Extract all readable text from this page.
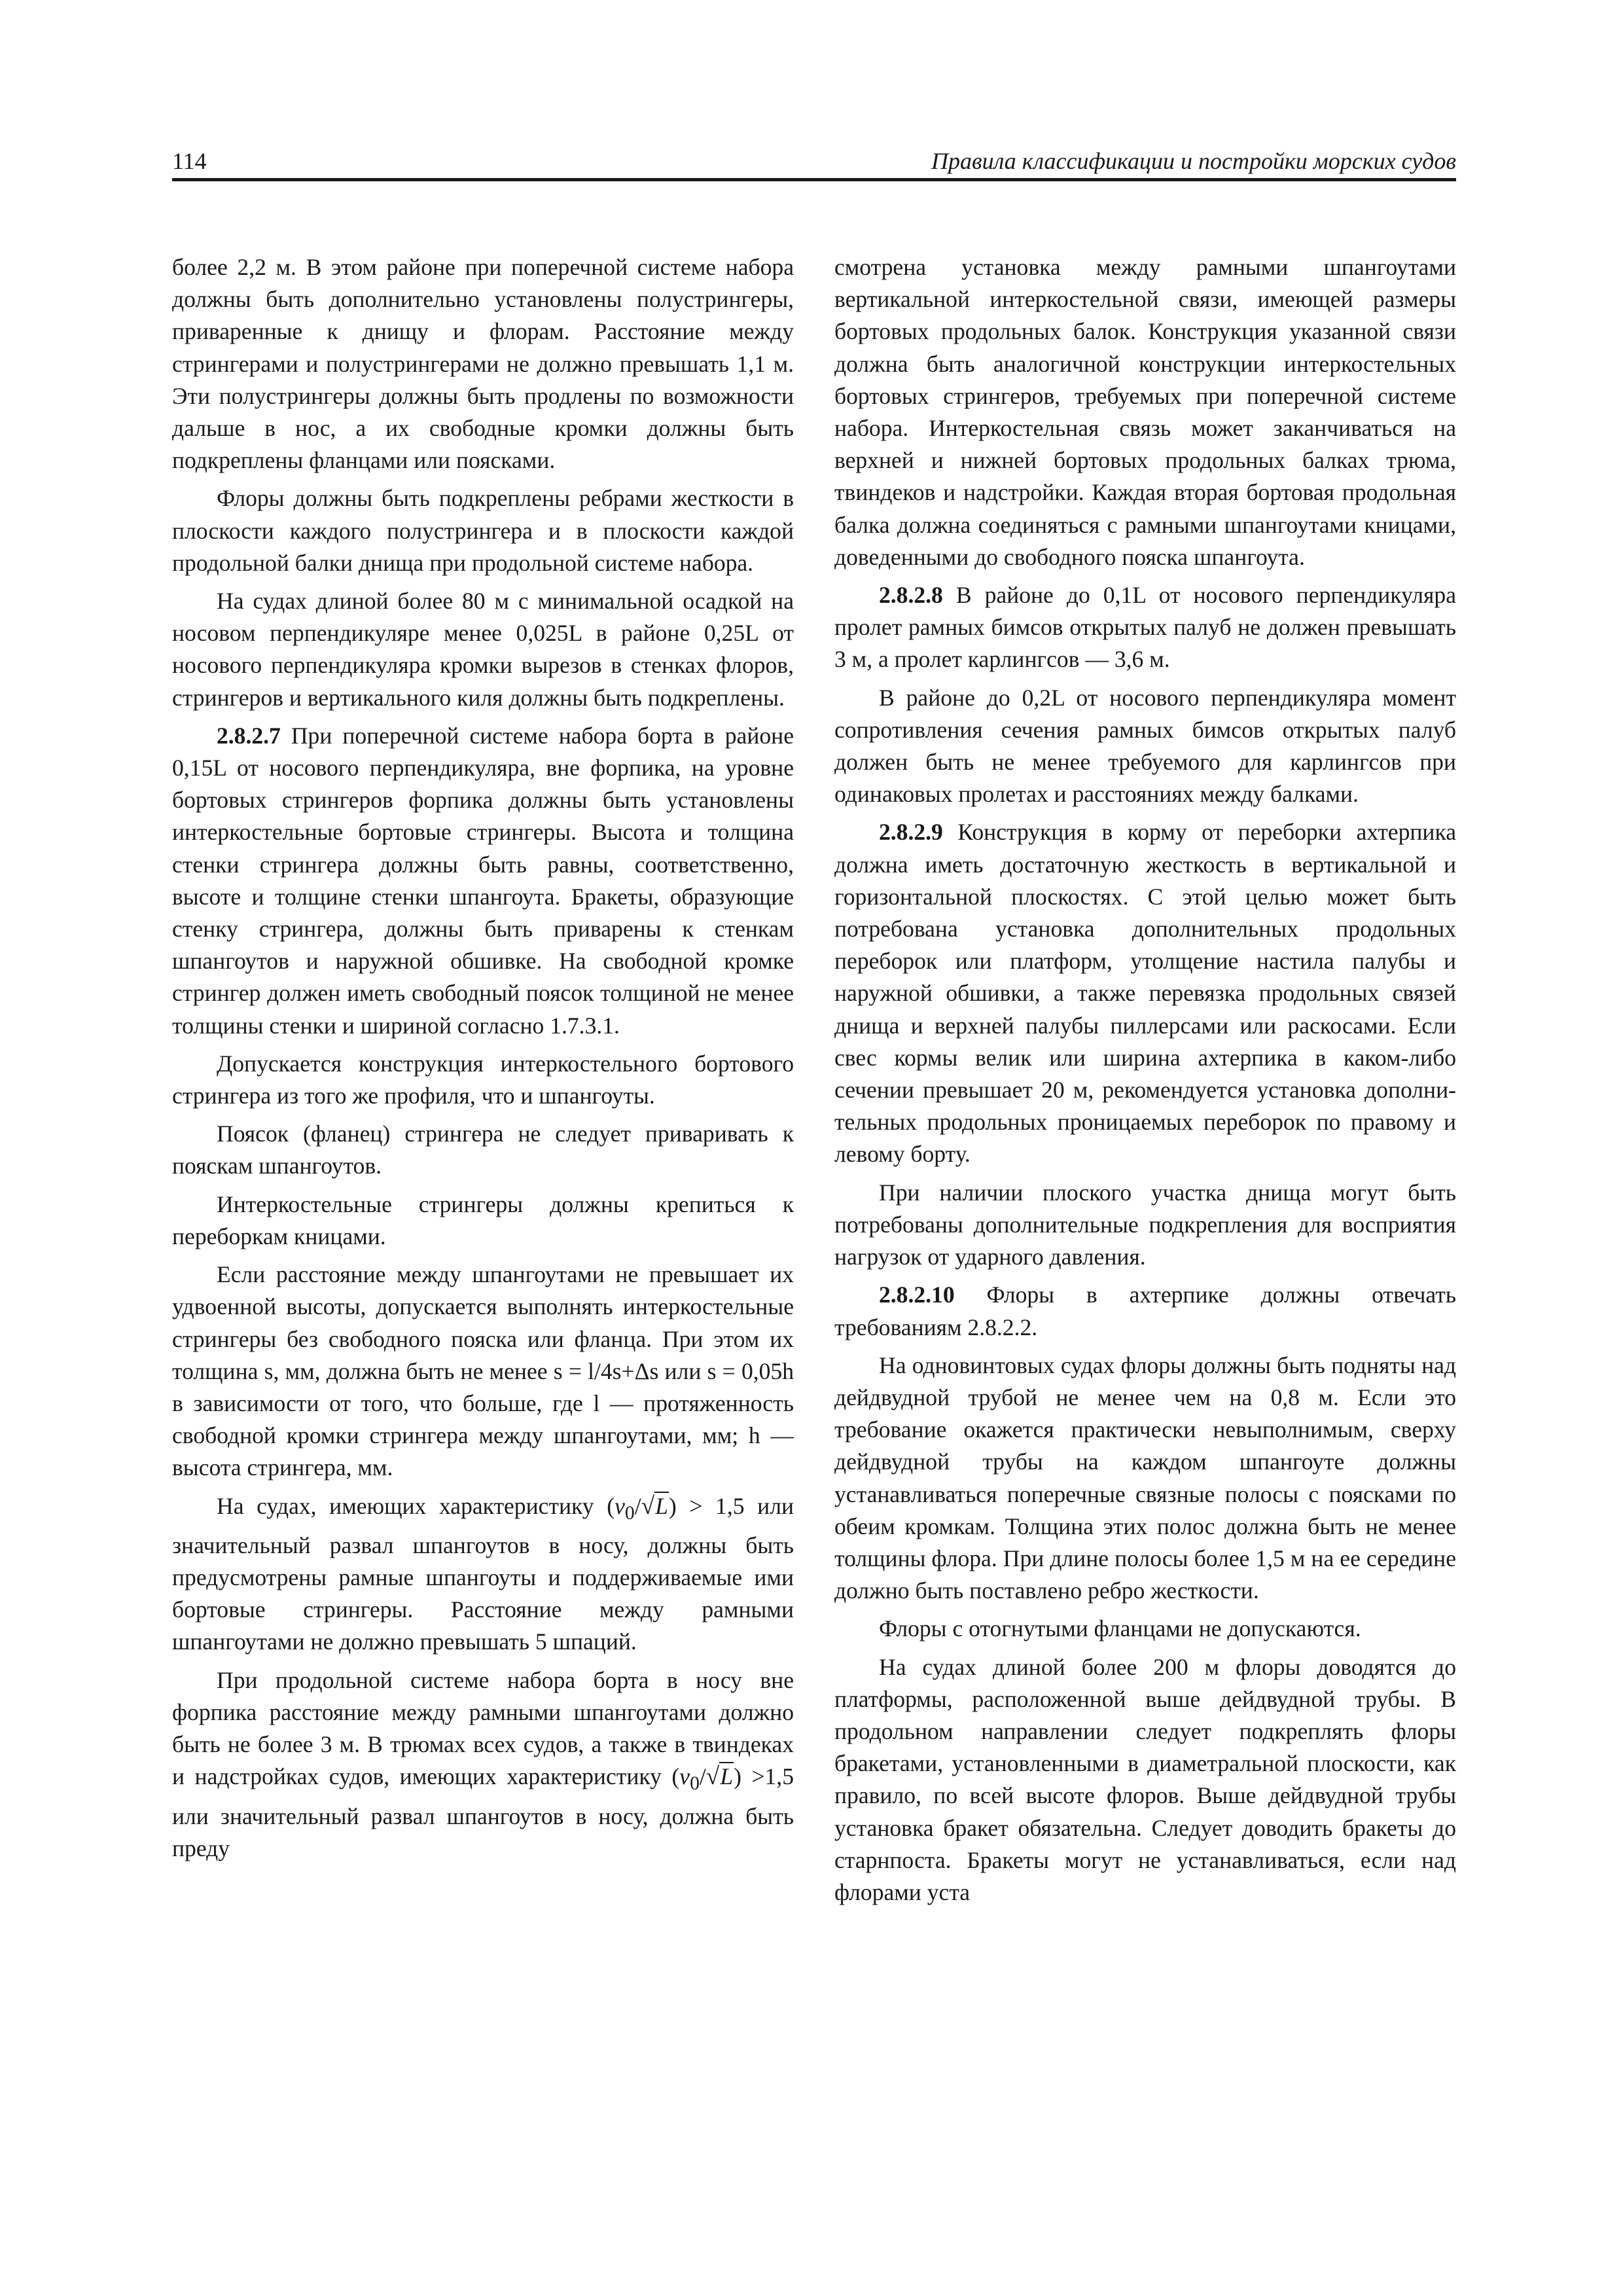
114	Правила классификации и постройки морских судов

более 2,2 м. В этом районе при поперечной системе набора должны быть дополнительно установлены полустрингеры, приваренные к днищу и флорам. Расстояние между стрингерами и полустрингерами не должно превышать 1,1 м. Эти полустрингеры должны быть продлены по возможности дальше в нос, а их свободные кромки должны быть подкреплены фланцами или поясками.

Флоры должны быть подкреплены ребрами жесткости в плоскости каждого полустрингера и в плоскости каждой продольной балки днища при продольной системе набора.

На судах длиной более 80 м с минимальной осадкой на носовом перпендикуляре менее 0,025L в районе 0,25L от носового перпендикуляра кромки вырезов в стенках флоров, стрингеров и вертикального киля должны быть подкреплены.

2.8.2.7 При поперечной системе набора борта в районе 0,15L от носового перпендикуляра, вне форпика, на уровне бортовых стрингеров форпика должны быть установлены интеркостельные бортовые стрингеры. Высота и толщина стенки стрингера должны быть равны, соответственно, высоте и толщине стенки шпангоута. Бракеты, образующие стенку стрингера, должны быть приварены к стенкам шпангоутов и наружной обшивке. На свободной кромке стрингер должен иметь свободный поясок толщиной не менее толщины стенки и шириной согласно 1.7.3.1.

Допускается конструкция интеркостельного бортового стрингера из того же профиля, что и шпангоуты.

Поясок (фланец) стрингера не следует приваривать к пояскам шпангоутов.

Интеркостельные стрингеры должны крепиться к переборкам кницами.

Если расстояние между шпангоутами не превышает их удвоенной высоты, допускается выполнять интеркостельные стрингеры без свободного пояска или фланца. При этом их толщина s, мм, должна быть не менее s = l/4s+Δs или s = 0,05h в зависимости от того, что больше, где l — протяженность свободной кромки стрингера между шпангоутами, мм; h — высота стрингера, мм.

На судах, имеющих характеристику $(v_0/√L) > 1,5$ или значительный развал шпангоутов в носу, должны быть предусмотрены рамные шпангоуты и поддерживаемые ими бортовые стрингеры. Расстояние между рамными шпангоутами не должно превышать 5 шпаций.

При продольной системе набора борта в носу вне форпика расстояние между рамными шпангоутами должно быть не более 3 м. В трюмах всех судов, а также в твиндеках и надстройках судов, имеющих характеристику $(v_0/√L) >1,5$ или значительный развал шпангоутов в носу, должна быть преду

смотрена установка между рамными шпангоутами вертикальной интеркостельной связи, имеющей размеры бортовых продольных балок. Конструкция указанной связи должна быть аналогичной конструкции интеркостельных бортовых стрингеров, требуемых при поперечной системе набора. Интеркостельная связь может заканчиваться на верхней и нижней бортовых продольных балках трюма, твиндеков и надстройки. Каждая вторая бортовая продольная балка должна соединяться с рамными шпангоутами кницами, доведенными до свободного пояска шпангоута.

2.8.2.8 В районе до 0,1L от носового перпендикуляра пролет рамных бимсов открытых палуб не должен превышать 3 м, а пролет карлингсов — 3,6 м.

В районе до 0,2L от носового перпендикуляра момент сопротивления сечения рамных бимсов открытых палуб должен быть не менее требуемого для карлингсов при одинаковых пролетах и расстояниях между балками.

2.8.2.9 Конструкция в корму от переборки ахтерпика должна иметь достаточную жесткость в вертикальной и горизонтальной плоскостях. С этой целью может быть потребована установка дополнительных продольных переборок или платформ, утолщение настила палубы и наружной обшивки, а также перевязка продольных связей днища и верхней палубы пиллерсами или раскосами. Если свес кормы велик или ширина ахтерпика в каком-либо сечении превышает 20 м, рекомендуется установка дополнительных продольных проницаемых переборок по правому и левому борту.

При наличии плоского участка днища могут быть потребованы дополнительные подкрепления для восприятия нагрузок от ударного давления.

2.8.2.10 Флоры в ахтерпике должны отвечать требованиям 2.8.2.2.

На одновинтовых судах флоры должны быть подняты над дейдвудной трубой не менее чем на 0,8 м. Если это требование окажется практически невыполнимым, сверху дейдвудной трубы на каждом шпангоуте должны устанавливаться поперечные связные полосы с поясками по обеим кромкам. Толщина этих полос должна быть не менее толщины флора. При длине полосы более 1,5 м на ее середине должно быть поставлено ребро жесткости.

Флоры с отогнутыми фланцами не допускаются.

На судах длиной более 200 м флоры доводятся до платформы, расположенной выше дейдвудной трубы. В продольном направлении следует подкреплять флоры бракетами, установленными в диаметральной плоскости, как правило, по всей высоте флоров. Выше дейдвудной трубы установка бракет обязательна. Следует доводить бракеты до старнпоста. Бракеты могут не устанавливаться, если над флорами уста
